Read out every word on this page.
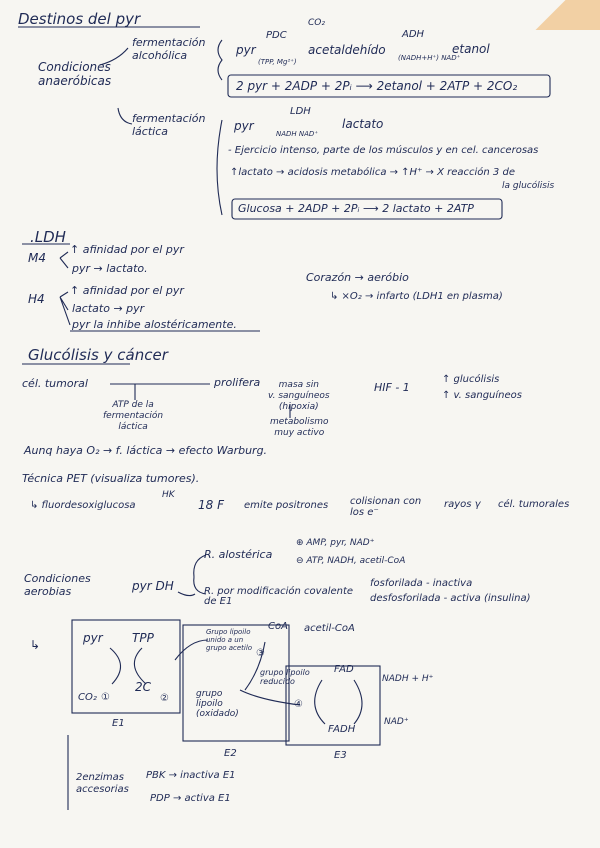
Destinos del pyr
Condiciones
anaeróbicas
fermentación
alcohólica	pyr
PDC
CO₂
acetaldehído
ADH
etanol
(TPP, Mg²⁺)	(NADH+H⁺) NAD⁺
2 pyr + 2ADP + 2Pᵢ ⟶ 2etanol + 2ATP + 2CO₂
fermentación
láctica	pyr
LDH
lactato
NADH NAD⁺
- Ejercicio intenso, parte de los músculos y en cel. cancerosas
↑lactato → acidosis metabólica → ↑H⁺ → X reacción 3 de
la glucólisis
Glucosa + 2ADP + 2Pᵢ ⟶ 2 lactato + 2ATP
.LDH
M4
↑ afinidad por el pyr
pyr → lactato.
H4
↑ afinidad por el pyr
lactato → pyr
pyr la inhibe alostéricamente.
Corazón → aeróbio
↳ ×O₂ → infarto (LDH1 en plasma)
Glucólisis y cáncer
cél. tumoral	prolifera	masa sin
v. sanguíneos
(hipoxia)
HIF - 1
↑ glucólisis
↑ v. sanguíneos
ATP de la
fermentación
láctica	metabolismo
muy activo
Aunq haya O₂ → f. láctica → efecto Warburg.
Técnica PET (visualiza tumores).
↳ fluordesoxiglucosa
HK
18 F emite positrones colisionan con
los e⁻
rayos γ cél. tumorales
Condiciones
aerobias	pyr DH
R. alostérica
⊕ AMP, pyr, NAD⁺
⊖ ATP, NADH, acetil-CoA
R. por modificación covalente
de E1
fosforilada - inactiva
desfosforilada - activa (insulina)
↳	pyr TPP
2C
CO₂ ①	②
Grupo lipoilo
unido a un
grupo acetilo
CoA acetil-CoA
grupo lipoilo
reducido
grupo
lipoilo
(oxidado)
③
④
FAD
FADH
NADH + H⁺
NAD⁺
E1
E2	E3
2enzimas
accesorias
PBK → inactiva E1
PDP → activa E1
